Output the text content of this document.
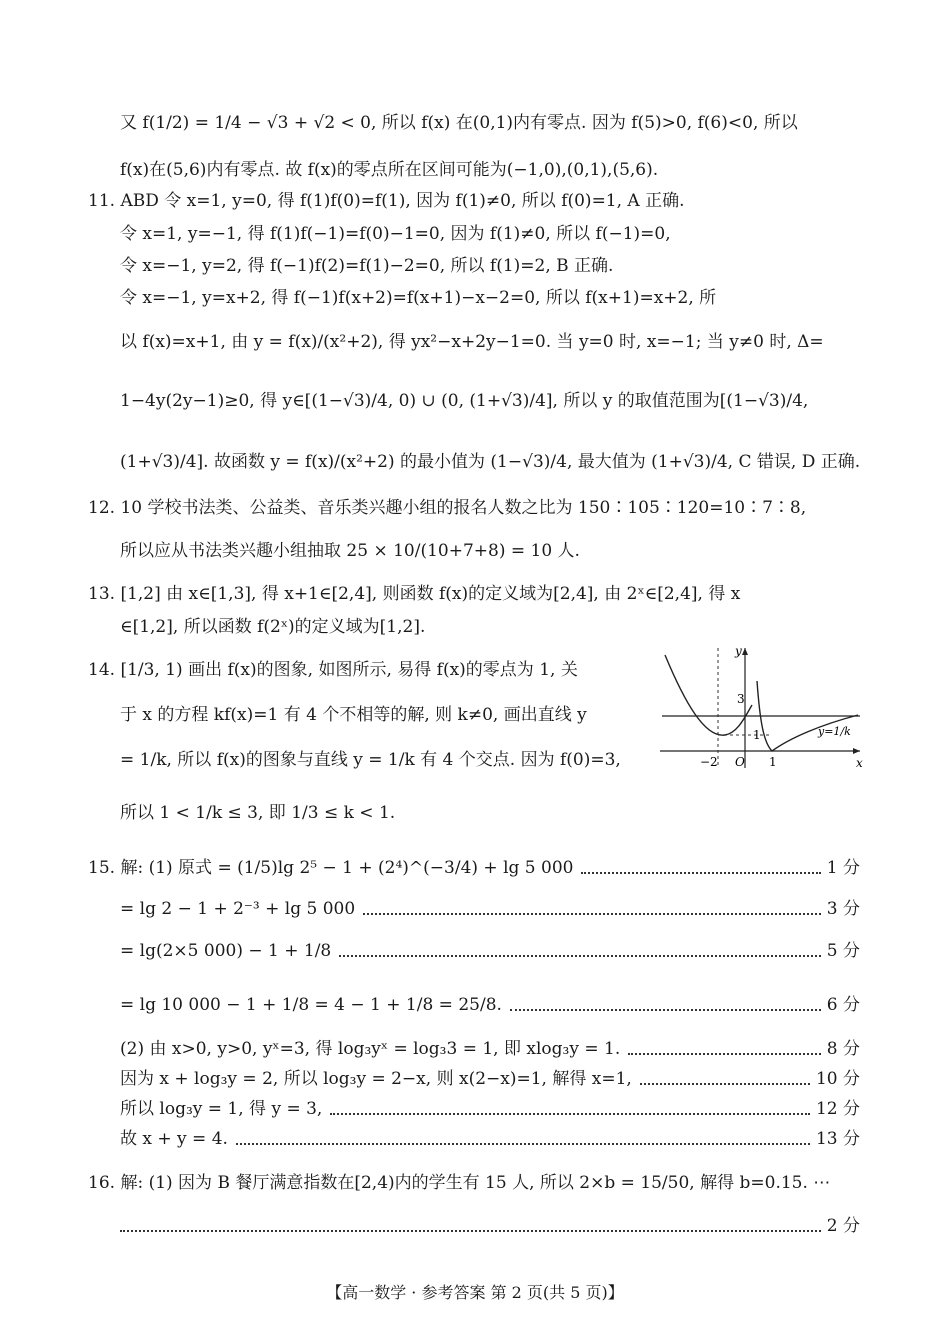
又 f(1/2) = 1/4 − √3 + √2 < 0, 所以 f(x) 在(0,1)内有零点. 因为 f(5)>0, f(6)<0, 所以
f(x)在(5,6)内有零点. 故 f(x)的零点所在区间可能为(−1,0),(0,1),(5,6).
11. ABD 令 x=1, y=0, 得 f(1)f(0)=f(1), 因为 f(1)≠0, 所以 f(0)=1, A 正确.
令 x=1, y=−1, 得 f(1)f(−1)=f(0)−1=0, 因为 f(1)≠0, 所以 f(−1)=0,
令 x=−1, y=2, 得 f(−1)f(2)=f(1)−2=0, 所以 f(1)=2, B 正确.
令 x=−1, y=x+2, 得 f(−1)f(x+2)=f(x+1)−x−2=0, 所以 f(x+1)=x+2, 所
以 f(x)=x+1, 由 y = f(x)/(x²+2), 得 yx²−x+2y−1=0. 当 y=0 时, x=−1; 当 y≠0 时, Δ=
1−4y(2y−1)≥0, 得 y∈[(1−√3)/4, 0) ∪ (0, (1+√3)/4], 所以 y 的取值范围为[(1−√3)/4,
(1+√3)/4]. 故函数 y = f(x)/(x²+2) 的最小值为 (1−√3)/4, 最大值为 (1+√3)/4, C 错误, D 正确.
12. 10 学校书法类、公益类、音乐类兴趣小组的报名人数之比为 150∶105∶120=10∶7∶8,
所以应从书法类兴趣小组抽取 25 × 10/(10+7+8) = 10 人.
13. [1,2] 由 x∈[1,3], 得 x+1∈[2,4], 则函数 f(x)的定义域为[2,4], 由 2ˣ∈[2,4], 得 x
∈[1,2], 所以函数 f(2ˣ)的定义域为[1,2].
14. [1/3, 1) 画出 f(x)的图象, 如图所示, 易得 f(x)的零点为 1, 关
于 x 的方程 kf(x)=1 有 4 个不相等的解, 则 k≠0, 画出直线 y
= 1/k, 所以 f(x)的图象与直线 y = 1/k 有 4 个交点. 因为 f(0)=3,
所以 1 < 1/k ≤ 3, 即 1/3 ≤ k < 1.
y
x
O
−2	1
3
1	y=1/k
15. 解: (1) 原式 = (1/5)lg 2⁵ − 1 + (2⁴)^(−3/4) + lg 5 000	1 分
= lg 2 − 1 + 2⁻³ + lg 5 000	3 分
= lg(2×5 000) − 1 + 1/8	5 分
= lg 10 000 − 1 + 1/8 = 4 − 1 + 1/8 = 25/8.	6 分
(2) 由 x>0, y>0, yˣ=3, 得 log₃yˣ = log₃3 = 1, 即 xlog₃y = 1.	8 分
因为 x + log₃y = 2, 所以 log₃y = 2−x, 则 x(2−x)=1, 解得 x=1,	10 分
所以 log₃y = 1, 得 y = 3,	12 分
故 x + y = 4.	13 分
16. 解: (1) 因为 B 餐厅满意指数在[2,4)内的学生有 15 人, 所以 2×b = 15/50, 解得 b=0.15. ⋯
2 分
【高一数学 · 参考答案 第 2 页(共 5 页)】
